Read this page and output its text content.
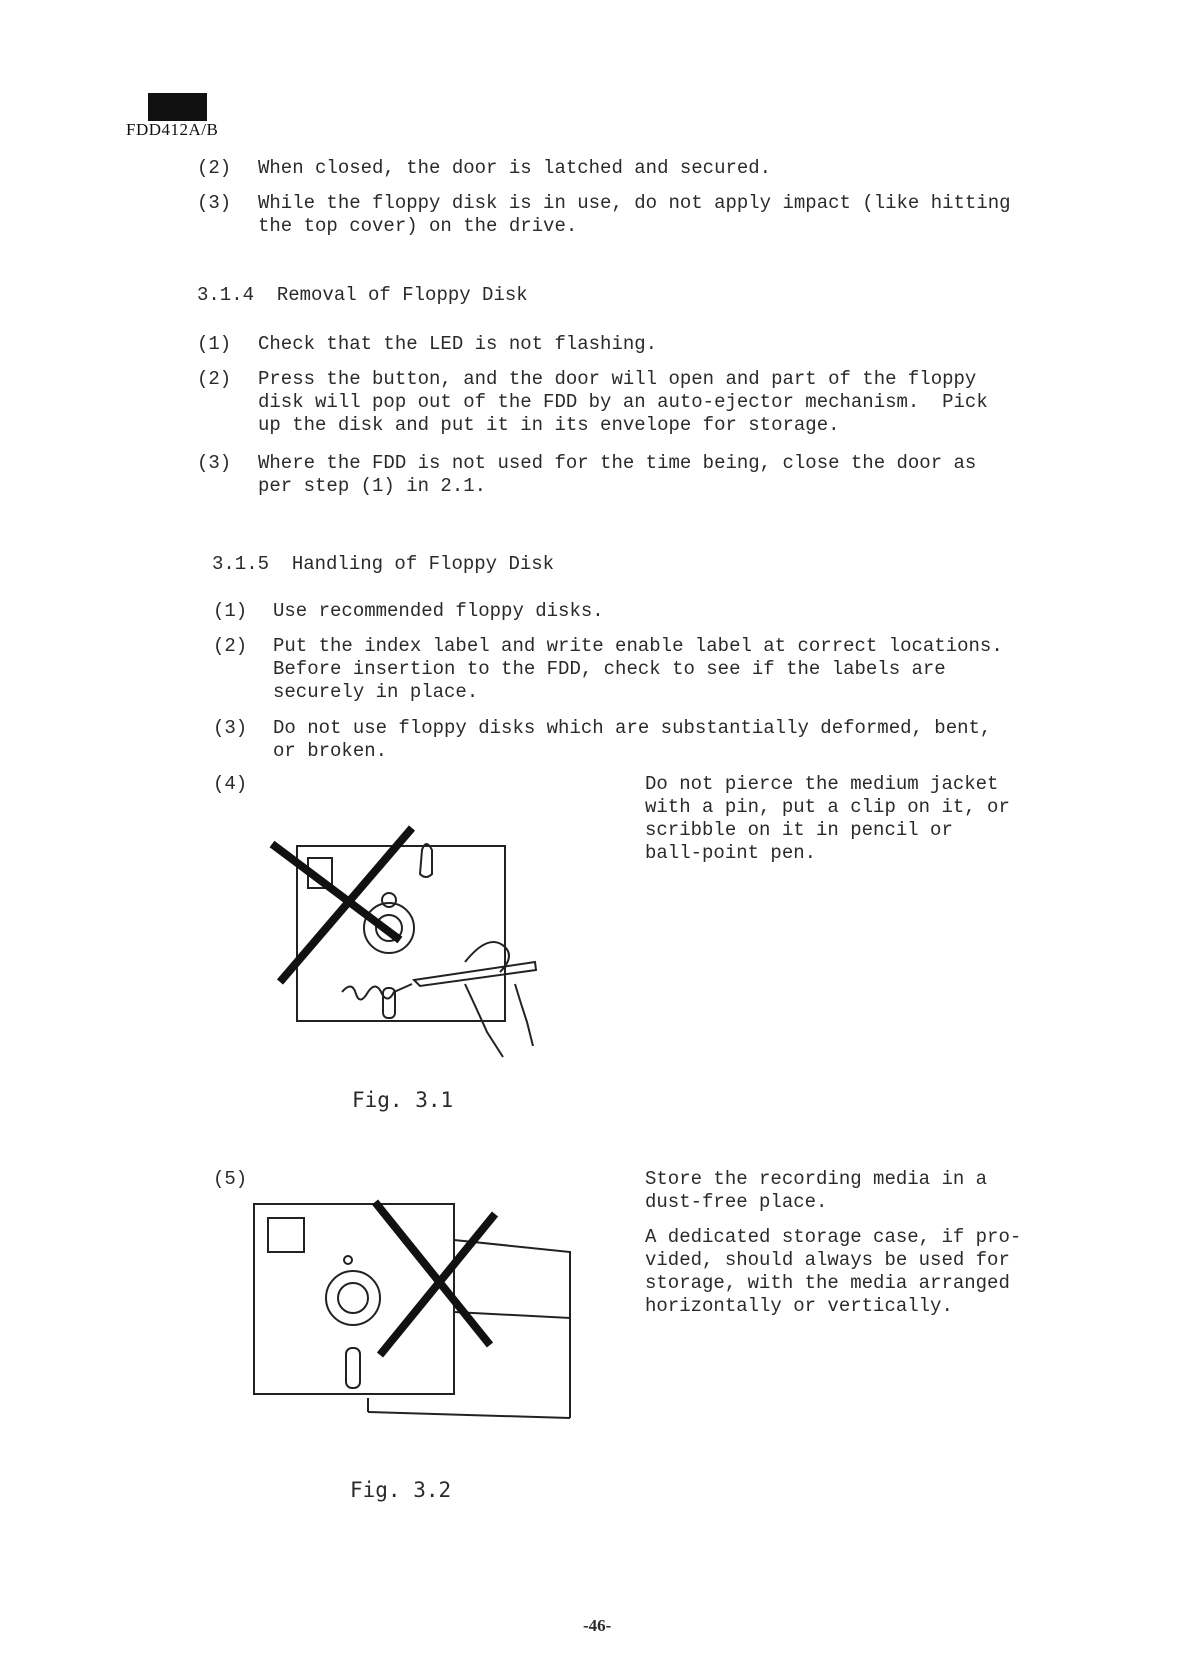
FDD412A/B
(2) When closed, the door is latched and secured.
(3) While the floppy disk is in use, do not apply impact (like hitting
the top cover) on the drive.
3.1.4  Removal of Floppy Disk
(1) Check that the LED is not flashing.
(2) Press the button, and the door will open and part of the floppy
disk will pop out of the FDD by an auto-ejector mechanism.  Pick
up the disk and put it in its envelope for storage.
(3) Where the FDD is not used for the time being, close the door as
per step (1) in 2.1.
3.1.5  Handling of Floppy Disk
(1) Use recommended floppy disks.
(2) Put the index label and write enable label at correct locations.
Before insertion to the FDD, check to see if the labels are
securely in place.
(3) Do not use floppy disks which are substantially deformed, bent,
or broken.
(4)	Do not pierce the medium jacket
with a pin, put a clip on it, or
scribble on it in pencil or
ball-point pen.
Fig. 3.1
(5)	Store the recording media in a
dust-free place.
A dedicated storage case, if pro-
vided, should always be used for
storage, with the media arranged
horizontally or vertically.
Fig. 3.2
-46-
